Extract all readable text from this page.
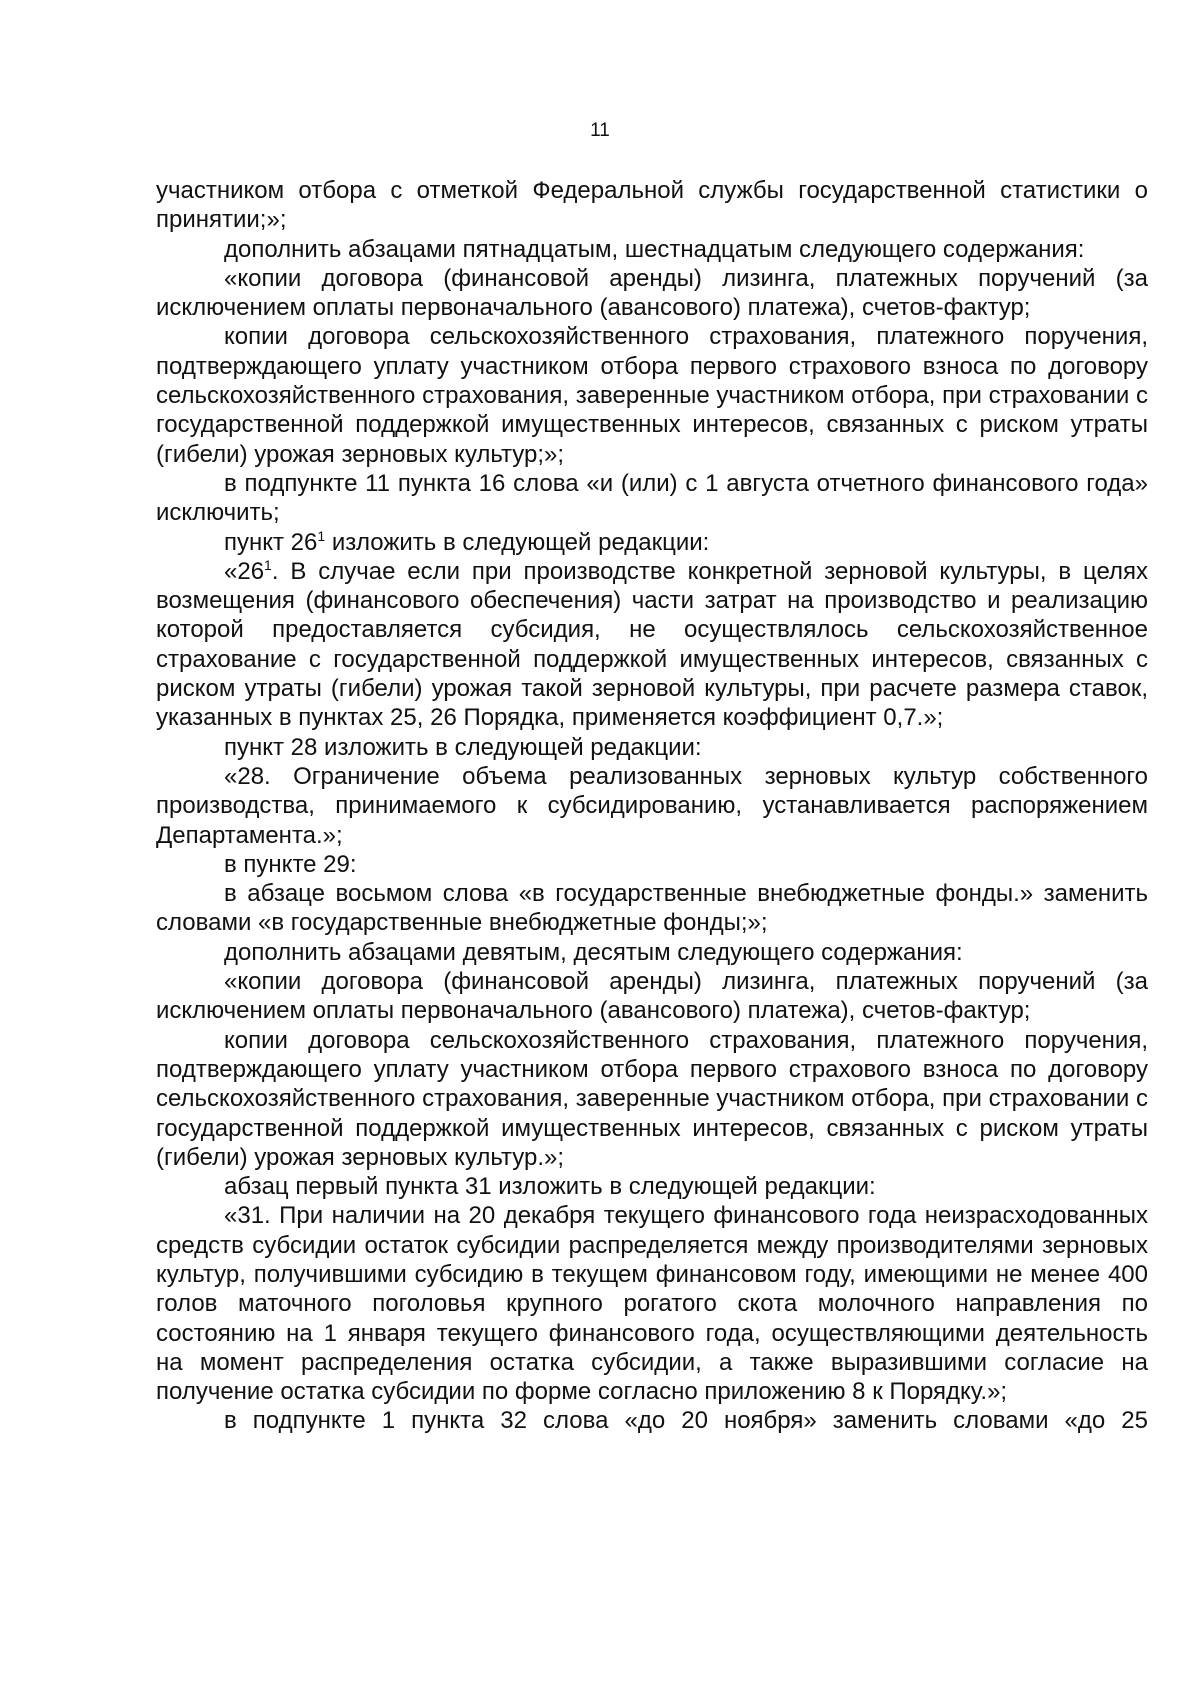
11

участником отбора с отметкой Федеральной службы государственной статистики о принятии;»;

дополнить абзацами пятнадцатым, шестнадцатым следующего содержания:

«копии договора (финансовой аренды) лизинга, платежных поручений (за исключением оплаты первоначального (авансового) платежа), счетов-фактур;

копии договора сельскохозяйственного страхования, платежного поручения, подтверждающего уплату участником отбора первого страхового взноса по договору сельскохозяйственного страхования, заверенные участником отбора, при страховании с государственной поддержкой имущественных интересов, связанных с риском утраты (гибели) урожая зерновых культур;»;

в подпункте 11 пункта 16 слова «и (или) с 1 августа отчетного финансового года» исключить;

пункт $26^1$ изложить в следующей редакции:

«$26^1$. В случае если при производстве конкретной зерновой культуры, в целях возмещения (финансового обеспечения) части затрат на производство и реализацию которой предоставляется субсидия, не осуществлялось сельскохозяйственное страхование с государственной поддержкой имущественных интересов, связанных с риском утраты (гибели) урожая такой зерновой культуры, при расчете размера ставок, указанных в пунктах 25, 26 Порядка, применяется коэффициент 0,7.»;

пункт 28 изложить в следующей редакции:

«28. Ограничение объема реализованных зерновых культур собственного производства, принимаемого к субсидированию, устанавливается распоряжением Департамента.»;

в пункте 29:

в абзаце восьмом слова «в государственные внебюджетные фонды.» заменить словами «в государственные внебюджетные фонды;»;

дополнить абзацами девятым, десятым следующего содержания:

«копии договора (финансовой аренды) лизинга, платежных поручений (за исключением оплаты первоначального (авансового) платежа), счетов-фактур;

копии договора сельскохозяйственного страхования, платежного поручения, подтверждающего уплату участником отбора первого страхового взноса по договору сельскохозяйственного страхования, заверенные участником отбора, при страховании с государственной поддержкой имущественных интересов, связанных с риском утраты (гибели) урожая зерновых культур.»;

абзац первый пункта 31 изложить в следующей редакции:

«31. При наличии на 20 декабря текущего финансового года неизрасходованных средств субсидии остаток субсидии распределяется между производителями зерновых культур, получившими субсидию в текущем финансовом году, имеющими не менее 400 голов маточного поголовья крупного рогатого скота молочного направления по состоянию на 1 января текущего финансового года, осуществляющими деятельность на момент распределения остатка субсидии, а также выразившими согласие на получение остатка субсидии по форме согласно приложению 8 к Порядку.»;

в подпункте 1 пункта 32 слова «до 20 ноября» заменить словами «до 25
